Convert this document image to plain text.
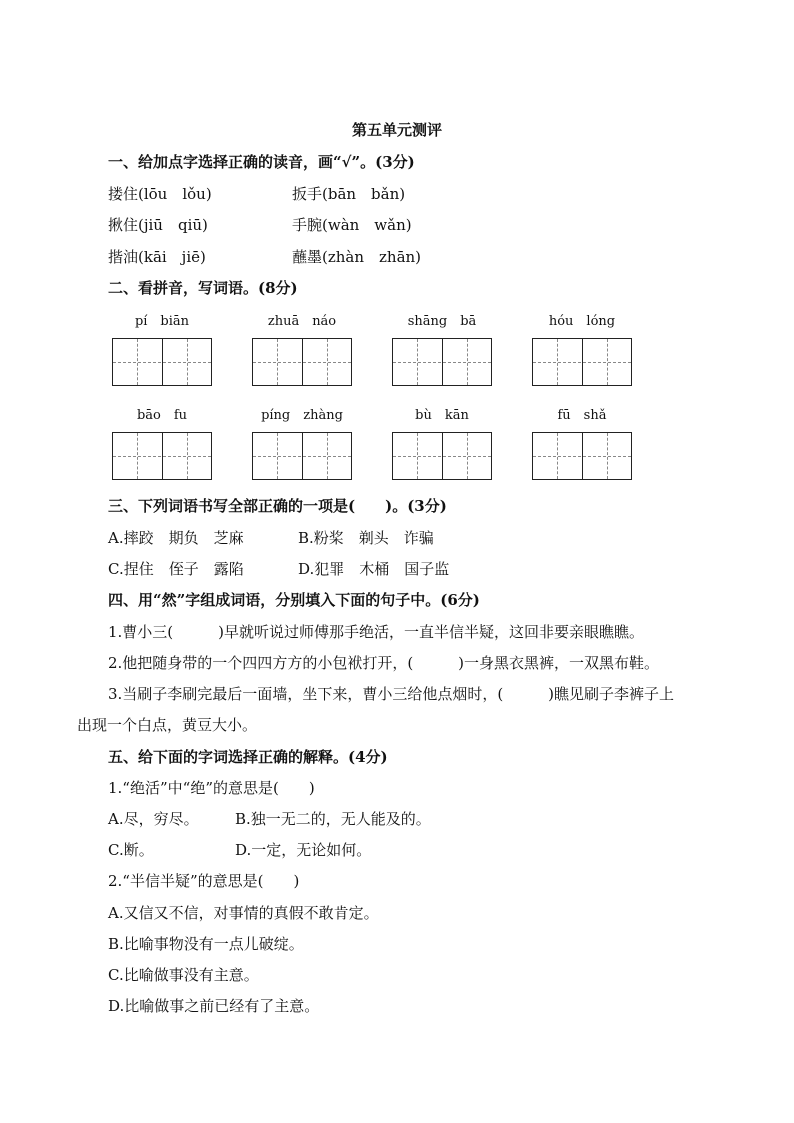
第五单元测评
一、给加点字选择正确的读音，画“√”。(3分)
搂住(lōu　lǒu)	扳手(bān　bǎn)
揪住(jiū　qiū)	手腕(wàn　wǎn)
揩油(kāi　jiē)	蘸墨(zhàn　zhān)
二、看拼音，写词语。(8分)
pí　biān	zhuā　náo	shāng　bā	hóu　lóng
bāo　fu	píng　zhàng	bù　kān	fū　shǎ
三、下列词语书写全部正确的一项是(　　)。(3分)
A.摔跤　期负　芝麻	B.粉桨　剃头　诈骗
C.捏住　侄子　露陷	D.犯罪　木桶　国子监
四、用“然”字组成词语，分别填入下面的句子中。(6分)
1.曹小三(　　　)早就听说过师傅那手绝活，一直半信半疑，这回非要亲眼瞧瞧。
2.他把随身带的一个四四方方的小包袱打开，(　　　)一身黑衣黑裤，一双黑布鞋。
3.当刷子李刷完最后一面墙，坐下来，曹小三给他点烟时，(　　　)瞧见刷子李裤子上
出现一个白点，黄豆大小。
五、给下面的字词选择正确的解释。(4分)
1.“绝活”中“绝”的意思是(　　)
A.尽，穷尽。 B.独一无二的，无人能及的。
C.断。	D.一定，无论如何。
2.“半信半疑”的意思是(　　)
A.又信又不信，对事情的真假不敢肯定。
B.比喻事物没有一点儿破绽。
C.比喻做事没有主意。
D.比喻做事之前已经有了主意。
